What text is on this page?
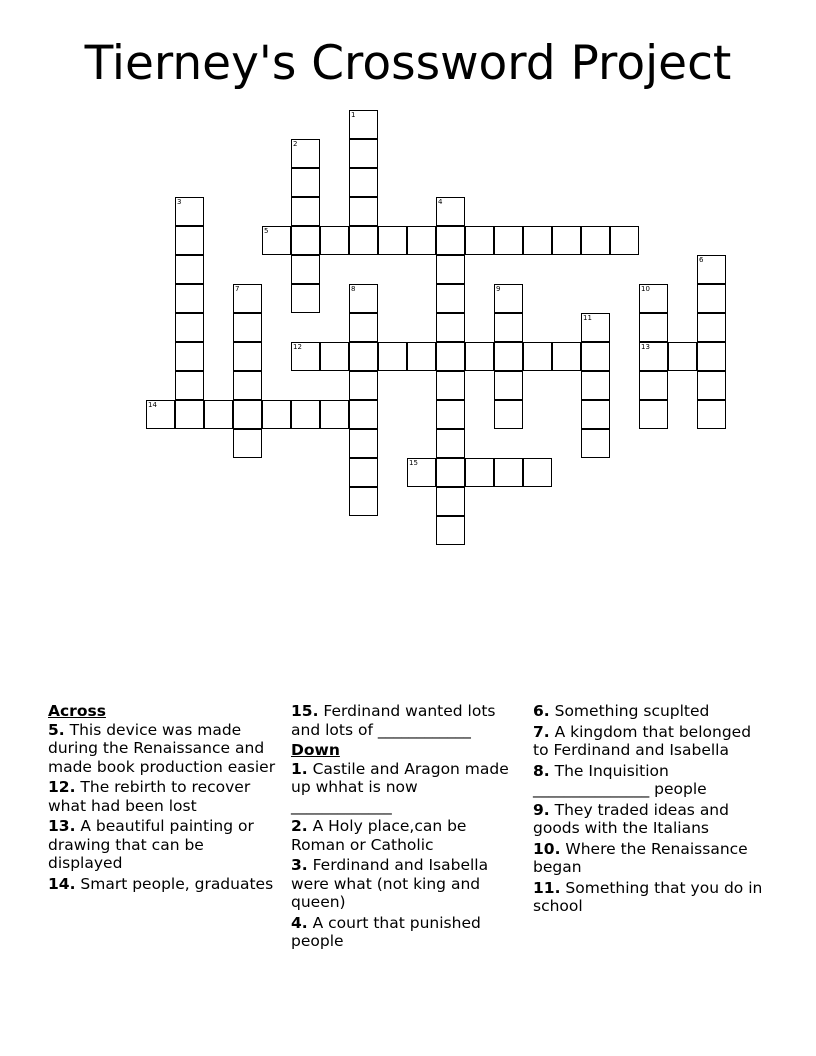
Tierney's Crossword Project
1
2
3	4
5
6
7	8	9	10
13
11
12
14
15

Across

5. This device was made during the Renaissance and made book production easier

12. The rebirth to recover what had been lost

13. A beautiful painting or drawing that can be displayed

14. Smart people, graduates

15. Ferdinand wanted lots and lots of ____________

Down

1. Castile and Aragon made up whhat is now _____________

2. A Holy place,can be Roman or Catholic

3. Ferdinand and Isabella were what (not king and queen)

4. A court that punished people

6. Something scuplted

7. A kingdom that belonged to Ferdinand and Isabella

8. The Inquisition _______________ people

9. They traded ideas and goods with the Italians

10. Where the Renaissance began

11. Something that you do in school
